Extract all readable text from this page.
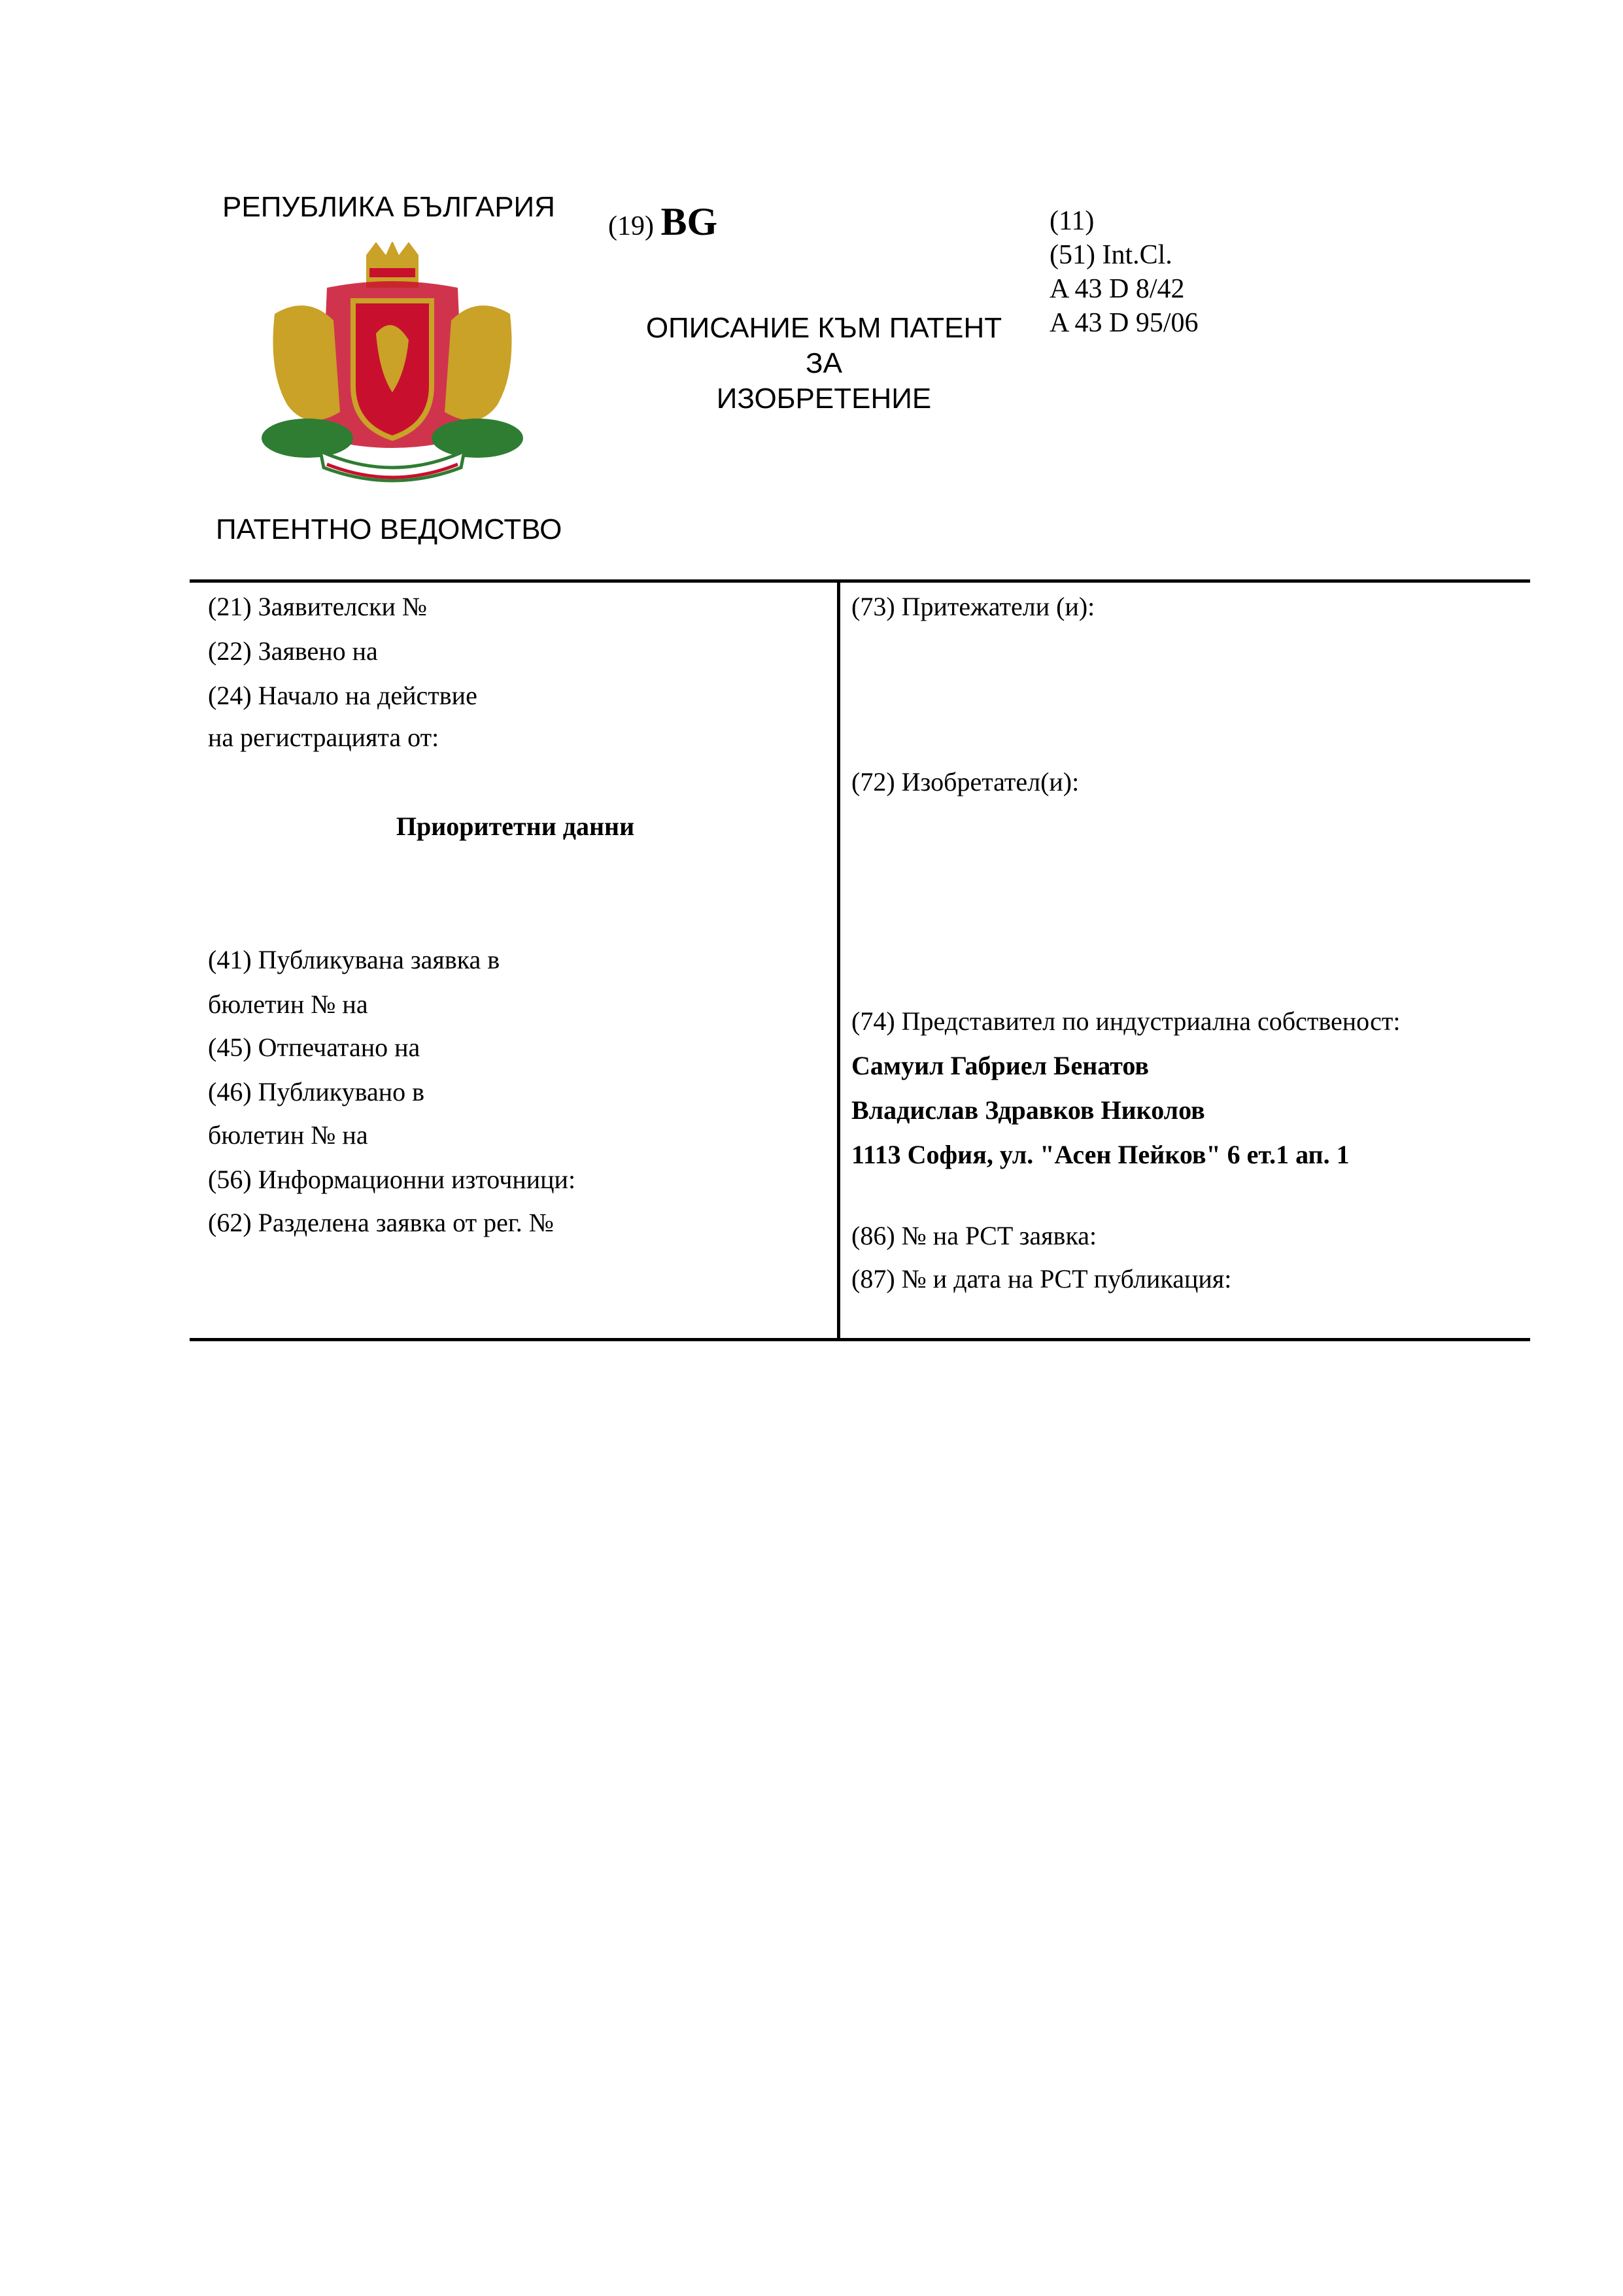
РЕПУБЛИКА БЪЛГАРИЯ
ПАТЕНТНО ВЕДОМСТВО
(19) BG
ОПИСАНИЕ КЪМ ПАТЕНТ
ЗА
ИЗОБРЕТЕНИЕ
(11)
(51) Int.Cl.
A 43 D 8/42
A 43 D 95/06
(21) Заявителски №
(22) Заявено на
(24) Начало на действие
на регистрацията от:
Приоритетни данни
(41) Публикувана заявка в
бюлетин № на
(45) Отпечатано на
(46) Публикувано в
бюлетин № на
(56) Информационни източници:
(62) Разделена заявка от рег. №
(73) Притежатели (и):
(72) Изобретател(и):
(74) Представител по индустриална собственост:
Самуил Габриел Бенатов
Владислав Здравков Николов
1113 София, ул. "Асен Пейков" 6 ет.1 ап. 1
(86) № на PCT заявка:
(87) № и дата на PCT публикация:
